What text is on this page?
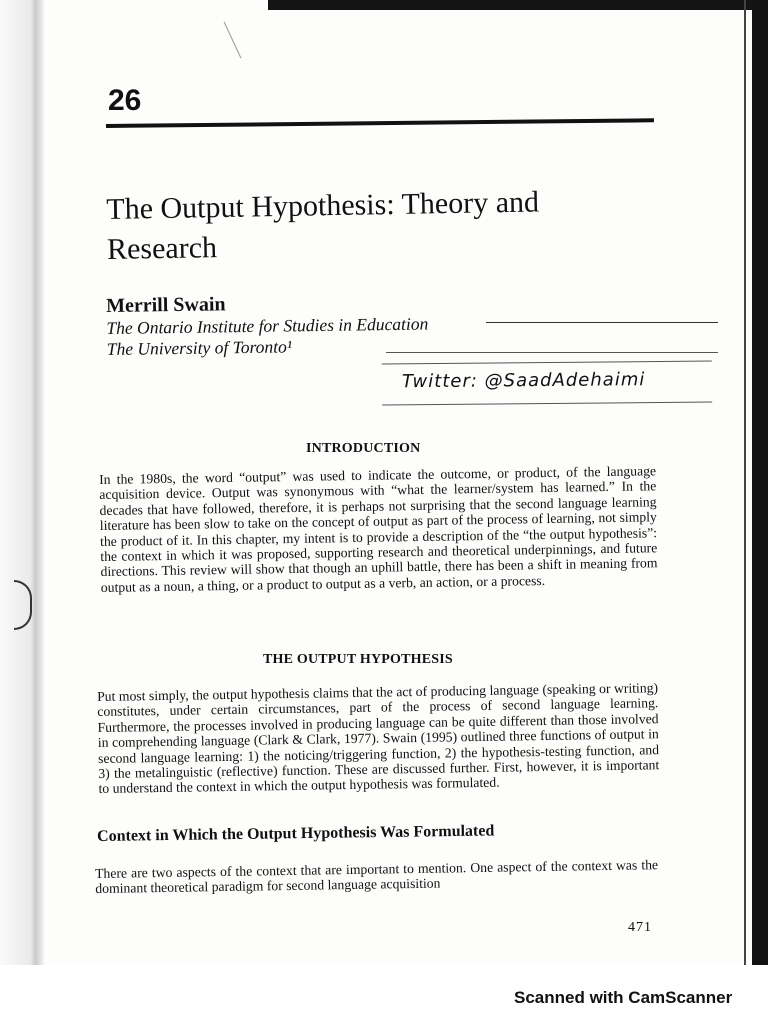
26
The Output Hypothesis: Theory and Research
Merrill Swain
The Ontario Institute for Studies in Education
The University of Toronto¹
Twitter: @SaadAdehaimi
INTRODUCTION
In the 1980s, the word “output” was used to indicate the outcome, or product, of the language acquisition device. Output was synonymous with “what the learner/system has learned.” In the decades that have followed, therefore, it is perhaps not surprising that the second language learning literature has been slow to take on the concept of output as part of the process of learning, not simply the product of it. In this chapter, my intent is to provide a description of the “the output hypothesis”: the context in which it was proposed, supporting research and theoretical underpinnings, and future directions. This review will show that though an uphill battle, there has been a shift in meaning from output as a noun, a thing, or a product to output as a verb, an action, or a process.
THE OUTPUT HYPOTHESIS
Put most simply, the output hypothesis claims that the act of producing language (speaking or writing) constitutes, under certain circumstances, part of the process of second language learning. Furthermore, the processes involved in producing language can be quite different than those involved in comprehending language (Clark & Clark, 1977). Swain (1995) outlined three functions of output in second language learning: 1) the noticing/triggering function, 2) the hypothesis-testing function, and 3) the metalinguistic (reflective) function. These are discussed further. First, however, it is important to understand the context in which the output hypothesis was formulated.
Context in Which the Output Hypothesis Was Formulated
There are two aspects of the context that are important to mention. One aspect of the context was the dominant theoretical paradigm for second language acquisition
471
Scanned with CamScanner
